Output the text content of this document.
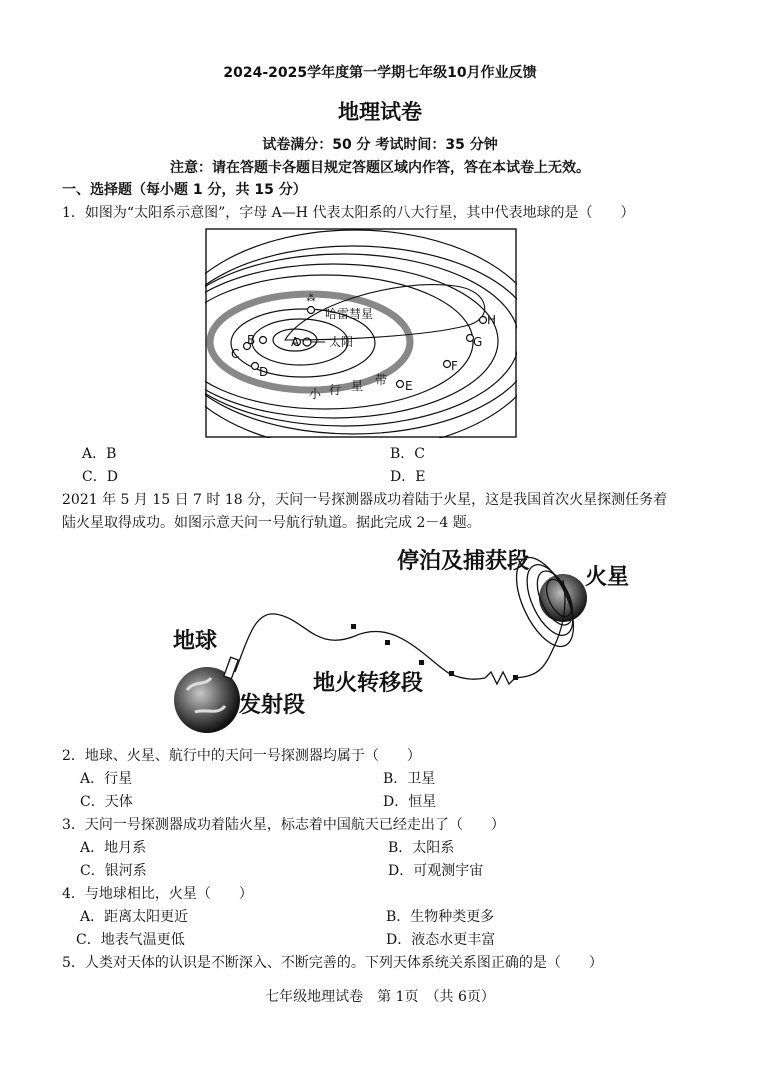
2024-2025学年度第一学期七年级10月作业反馈
地理试卷
试卷满分：50 分 考试时间：35 分钟
注意：请在答题卡各题目规定答题区域内作答，答在本试卷上无效。
一、选择题（每小题 1 分，共 15 分）
1．如图为“太阳系示意图”，字母 A—H 代表太阳系的八大行星，其中代表地球的是（　　）
⁂
哈雷彗星
太阳
A
B
C
D
E
F
G
H
小 行 星 带
A．B	B．C
C．D	D．E
2021 年 5 月 15 日 7 时 18 分，天问一号探测器成功着陆于火星，这是我国首次火星探测任务着
陆火星取得成功。如图示意天问一号航行轨道。据此完成 2－4 题。
地球
发射段
地火转移段
停泊及捕获段
火星
2．地球、火星、航行中的天问一号探测器均属于（　　）
A．行星	B．卫星
C．天体	D．恒星
3．天问一号探测器成功着陆火星，标志着中国航天已经走出了（　　）
A．地月系	B．太阳系
C．银河系	D．可观测宇宙
4．与地球相比，火星（　　）
A．距离太阳更近	B．生物种类更多
C．地表气温更低	D．液态水更丰富
5．人类对天体的认识是不断深入、不断完善的。下列天体系统关系图正确的是（　　）
七年级地理试卷　第 1页　（共 6页）
